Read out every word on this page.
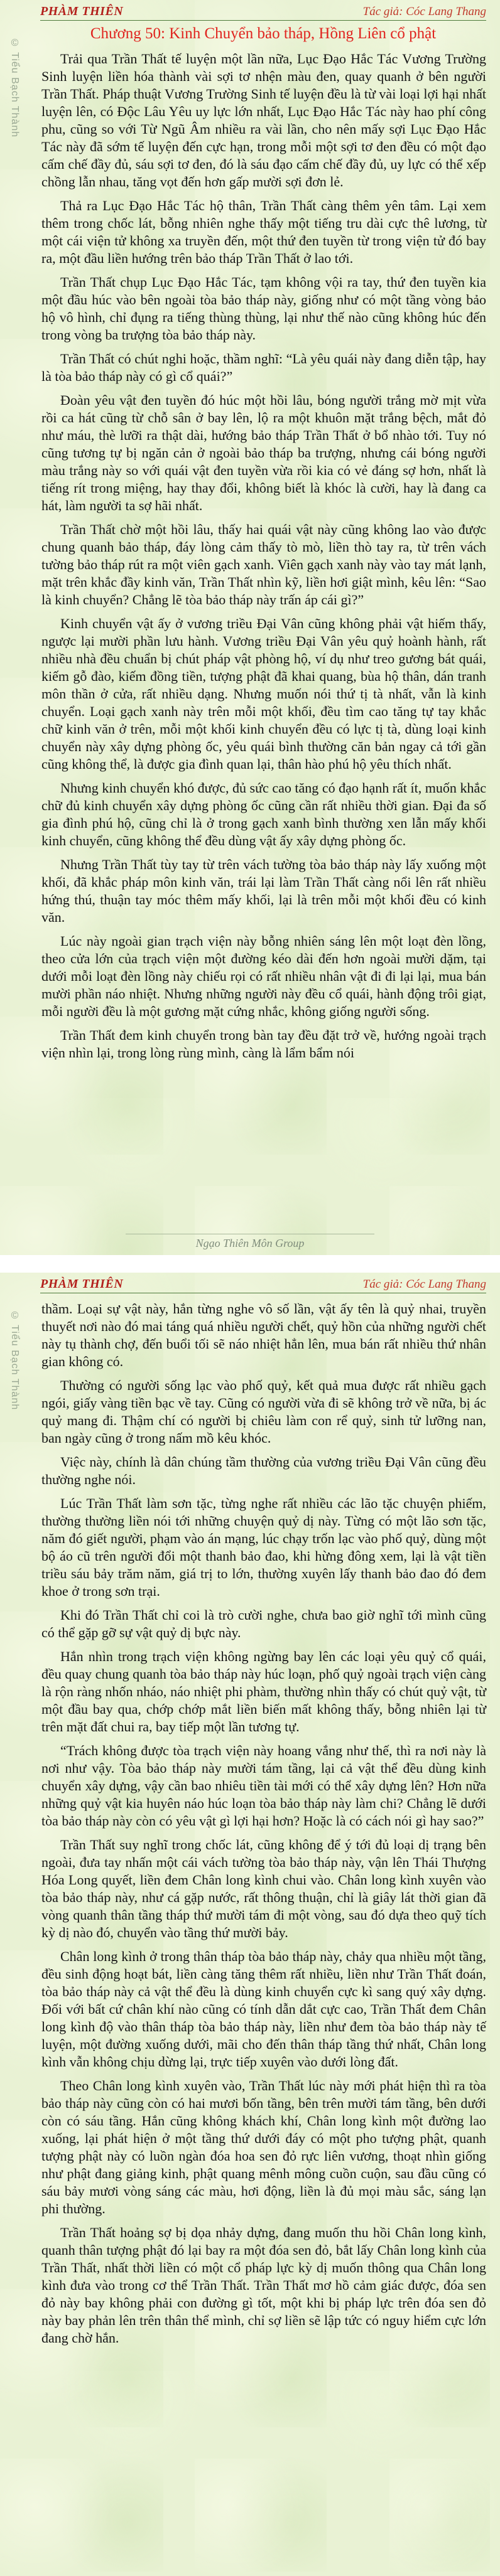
PHÀM THIÊN	Tác giả: Cóc Lang Thang
© Tiểu Bạch Thành
Chương 50: Kinh Chuyển bảo tháp, Hồng Liên cổ phật

Trải qua Trần Thất tế luyện một lần nữa, Lục Đạo Hắc Tác Vương Trường Sinh luyện liền hóa thành vài sợi tơ nhện màu đen, quay quanh ở bên người Trần Thất. Pháp thuật Vương Trường Sinh tế luyện đều là từ vài loại lợi hại nhất luyện lên, có Độc Lâu Yêu uy lực lớn nhất, Lục Đạo Hắc Tác này hao phí công phu, cũng so với Từ Ngũ Âm nhiều ra vài lần, cho nên mấy sợi Lục Đạo Hắc Tác này đã sớm tế luyện đến cực hạn, trong mỗi một sợi tơ đen đều có một đạo cấm chế đầy đủ, sáu sợi tơ đen, đó là sáu đạo cấm chế đầy đủ, uy lực có thể xếp chồng lẫn nhau, tăng vọt đến hơn gấp mười sợi đơn lẻ.

Thả ra Lục Đạo Hắc Tác hộ thân, Trần Thất càng thêm yên tâm. Lại xem thêm trong chốc lát, bỗng nhiên nghe thấy một tiếng tru dài cực thê lương, từ một cái viện tử không xa truyền đến, một thứ đen tuyền từ trong viện tử đó bay ra, một đầu liền hướng trên bảo tháp Trần Thất ở lao tới.

Trần Thất chụp Lục Đạo Hắc Tác, tạm không vội ra tay, thứ đen tuyền kia một đầu húc vào bên ngoài tòa bảo tháp này, giống như có một tầng vòng bảo hộ vô hình, chỉ đụng ra tiếng thùng thùng, lại như thế nào cũng không húc đến trong vòng ba trượng tòa bảo tháp này.

Trần Thất có chút nghi hoặc, thầm nghĩ: “Là yêu quái này đang diễn tập, hay là tòa bảo tháp này có gì cổ quái?”

Đoàn yêu vật đen tuyền đó húc một hồi lâu, bóng người trắng mờ mịt vừa rồi ca hát cũng từ chỗ sân ở bay lên, lộ ra một khuôn mặt trắng bệch, mắt đỏ như máu, thè lưỡi ra thật dài, hướng bảo tháp Trần Thất ở bổ nhào tới. Tuy nó cũng tương tự bị ngăn cản ở ngoài bảo tháp ba trượng, nhưng cái bóng người màu trắng này so với quái vật đen tuyền vừa rồi kia có vẻ đáng sợ hơn, nhất là tiếng rít trong miệng, hay thay đổi, không biết là khóc là cười, hay là đang ca hát, làm người ta sợ hãi nhất.

Trần Thất chờ một hồi lâu, thấy hai quái vật này cũng không lao vào được chung quanh bảo tháp, đáy lòng cảm thấy tò mò, liền thò tay ra, từ trên vách tường bảo tháp rút ra một viên gạch xanh. Viên gạch xanh này vào tay mát lạnh, mặt trên khắc đầy kinh văn, Trần Thất nhìn kỹ, liền hơi giật mình, kêu lên: “Sao là kinh chuyển? Chẳng lẽ tòa bảo tháp này trấn áp cái gì?”

Kinh chuyển vật ấy ở vương triều Đại Vân cũng không phải vật hiếm thấy, ngược lại mười phần lưu hành. Vương triều Đại Vân yêu quỷ hoành hành, rất nhiều nhà đều chuẩn bị chút pháp vật phòng hộ, ví dụ như treo gương bát quái, kiếm gỗ đào, kiếm đồng tiền, tượng phật đã khai quang, bùa hộ thân, dán tranh môn thần ở cửa, rất nhiều dạng. Nhưng muốn nói thứ tị tà nhất, vẫn là kinh chuyển. Loại gạch xanh này trên mỗi một khối, đều tìm cao tăng tự tay khắc chữ kinh văn ở trên, mỗi một khối kinh chuyển đều có lực tị tà, dùng loại kinh chuyển này xây dựng phòng ốc, yêu quái bình thường căn bản ngay cả tới gần cũng không thể, là được gia đình quan lại, thân hào phú hộ yêu thích nhất.

Nhưng kinh chuyển khó được, đủ sức cao tăng có đạo hạnh rất ít, muốn khắc chữ đủ kinh chuyển xây dựng phòng ốc cũng cần rất nhiều thời gian. Đại đa số gia đình phú hộ, cũng chỉ là ở trong gạch xanh bình thường xen lẫn mấy khối kinh chuyển, cũng không thể đều dùng vật ấy xây dựng phòng ốc.

Nhưng Trần Thất tùy tay từ trên vách tường tòa bảo tháp này lấy xuống một khối, đã khắc pháp môn kinh văn, trái lại làm Trần Thất càng nổi lên rất nhiều hứng thú, thuận tay móc thêm mấy khối, lại là trên mỗi một khối đều có kinh văn.

Lúc này ngoài gian trạch viện này bỗng nhiên sáng lên một loạt đèn lồng, theo cửa lớn của trạch viện một đường kéo dài đến hơn ngoài mười dặm, tại dưới mỗi loạt đèn lồng này chiếu rọi có rất nhiều nhân vật đi đi lại lại, mua bán mười phần náo nhiệt. Nhưng những người này đều cổ quái, hành động trôi giạt, mỗi người đều là một gương mặt cứng nhắc, không giống người sống.

Trần Thất đem kinh chuyển trong bàn tay đều đặt trở về, hướng ngoài trạch viện nhìn lại, trong lòng rùng mình, càng là lẩm bẩm nói

Ngạo Thiên Môn Group
PHÀM THIÊN	Tác giả: Cóc Lang Thang
© Tiểu Bạch Thành

thầm. Loại sự vật này, hắn từng nghe vô số lần, vật ấy tên là quỷ nhai, truyền thuyết nơi nào đó mai táng quá nhiều người chết, quỷ hồn của những người chết này tụ thành chợ, đến buổi tối sẽ náo nhiệt hẳn lên, mua bán rất nhiều thứ nhân gian không có.

Thường có người sống lạc vào phố quỷ, kết quả mua được rất nhiều gạch ngói, giấy vàng tiền bạc về tay. Cũng có người vừa đi sẽ không trở về nữa, bị ác quỷ mang đi. Thậm chí có người bị chiêu làm con rể quỷ, sinh tử lưỡng nan, ban ngày cũng ở trong nấm mồ kêu khóc.

Việc này, chính là dân chúng tầm thường của vương triều Đại Vân cũng đều thường nghe nói.

Lúc Trần Thất làm sơn tặc, từng nghe rất nhiều các lão tặc chuyện phiếm, thường thường liền nói tới những chuyện quỷ dị này. Từng có một lão sơn tặc, năm đó giết người, phạm vào án mạng, lúc chạy trốn lạc vào phố quỷ, dùng một bộ áo cũ trên người đổi một thanh bảo đao, khi hừng đông xem, lại là vật tiền triều sáu bảy trăm năm, giá trị to lớn, thường xuyên lấy thanh bảo đao đó đem khoe ở trong sơn trại.

Khi đó Trần Thất chỉ coi là trò cười nghe, chưa bao giờ nghĩ tới mình cũng có thể gặp gỡ sự vật quỷ dị bực này.

Hắn nhìn trong trạch viện không ngừng bay lên các loại yêu quỷ cổ quái, đều quay chung quanh tòa bảo tháp này húc loạn, phố quỷ ngoài trạch viện càng là rộn ràng nhốn nháo, náo nhiệt phi phàm, thường nhìn thấy có chút quỷ vật, từ một đầu bay qua, chớp chớp mắt liền biến mất không thấy, bỗng nhiên lại từ trên mặt đất chui ra, bay tiếp một lần tương tự.

“Trách không được tòa trạch viện này hoang vắng như thế, thì ra nơi này là nơi như vậy. Tòa bảo tháp này mười tám tầng, lại cả vật thể đều dùng kinh chuyển xây dựng, vậy cần bao nhiêu tiền tài mới có thể xây dựng lên? Hơn nữa những quỷ vật kia huyên náo húc loạn tòa bảo tháp này làm chi? Chẳng lẽ dưới tòa bảo tháp này còn có yêu vật gì lợi hại hơn? Hoặc là có cách nói gì hay sao?”

Trần Thất suy nghĩ trong chốc lát, cũng không để ý tới đủ loại dị trạng bên ngoài, đưa tay nhấn một cái vách tường tòa bảo tháp này, vận lên Thái Thượng Hóa Long quyết, liền đem Chân long kình chui vào. Chân long kình xuyên vào tòa bảo tháp này, như cá gặp nước, rất thông thuận, chỉ là giây lát thời gian đã vòng quanh thân tầng tháp thứ mười tám đi một vòng, sau đó dựa theo quỹ tích kỳ dị nào đó, chuyển vào tầng thứ mười bảy.

Chân long kình ở trong thân tháp tòa bảo tháp này, chảy qua nhiều một tầng, đều sinh động hoạt bát, liền càng tăng thêm rất nhiều, liền như Trần Thất đoán, tòa bảo tháp này cả vật thể đều là dùng kinh chuyển cực kì sang quý xây dựng. Đối với bất cứ chân khí nào cũng có tính dẫn dắt cực cao, Trần Thất đem Chân long kình độ vào thân tháp tòa bảo tháp này, liền như đem tòa bảo tháp này tế luyện, một đường xuống dưới, mãi cho đến thân tháp tầng thứ nhất, Chân long kình vẫn không chịu dừng lại, trực tiếp xuyên vào dưới lòng đất.

Theo Chân long kình xuyên vào, Trần Thất lúc này mới phát hiện thì ra tòa bảo tháp này cũng còn có hai mươi bốn tầng, bên trên mười tám tầng, bên dưới còn có sáu tầng. Hắn cũng không khách khí, Chân long kình một đường lao xuống, lại phát hiện ở một tầng thứ dưới đáy có một pho tượng phật, quanh tượng phật này có luồn ngàn đóa hoa sen đỏ rực liên vương, thoạt nhìn giống như phật đang giảng kinh, phật quang mênh mông cuồn cuộn, sau đầu cũng có sáu bảy mươi vòng sáng các màu, hơi động, liền là đủ mọi màu sắc, sáng lạn phi thường.

Trần Thất hoảng sợ bị dọa nhảy dựng, đang muốn thu hồi Chân long kình, quanh thân tượng phật đó lại bay ra một đóa sen đỏ, bắt lấy Chân long kình của Trần Thất, nhất thời liền có một cổ pháp lực kỳ dị muốn thông qua Chân long kình đưa vào trong cơ thể Trần Thất. Trần Thất mơ hồ cảm giác được, đóa sen đỏ này bay không phải con đường gì tốt, một khi bị pháp lực trên đóa sen đỏ này bay phản lên trên thân thể mình, chỉ sợ liền sẽ lập tức có nguy hiểm cực lớn đang chờ hắn.
